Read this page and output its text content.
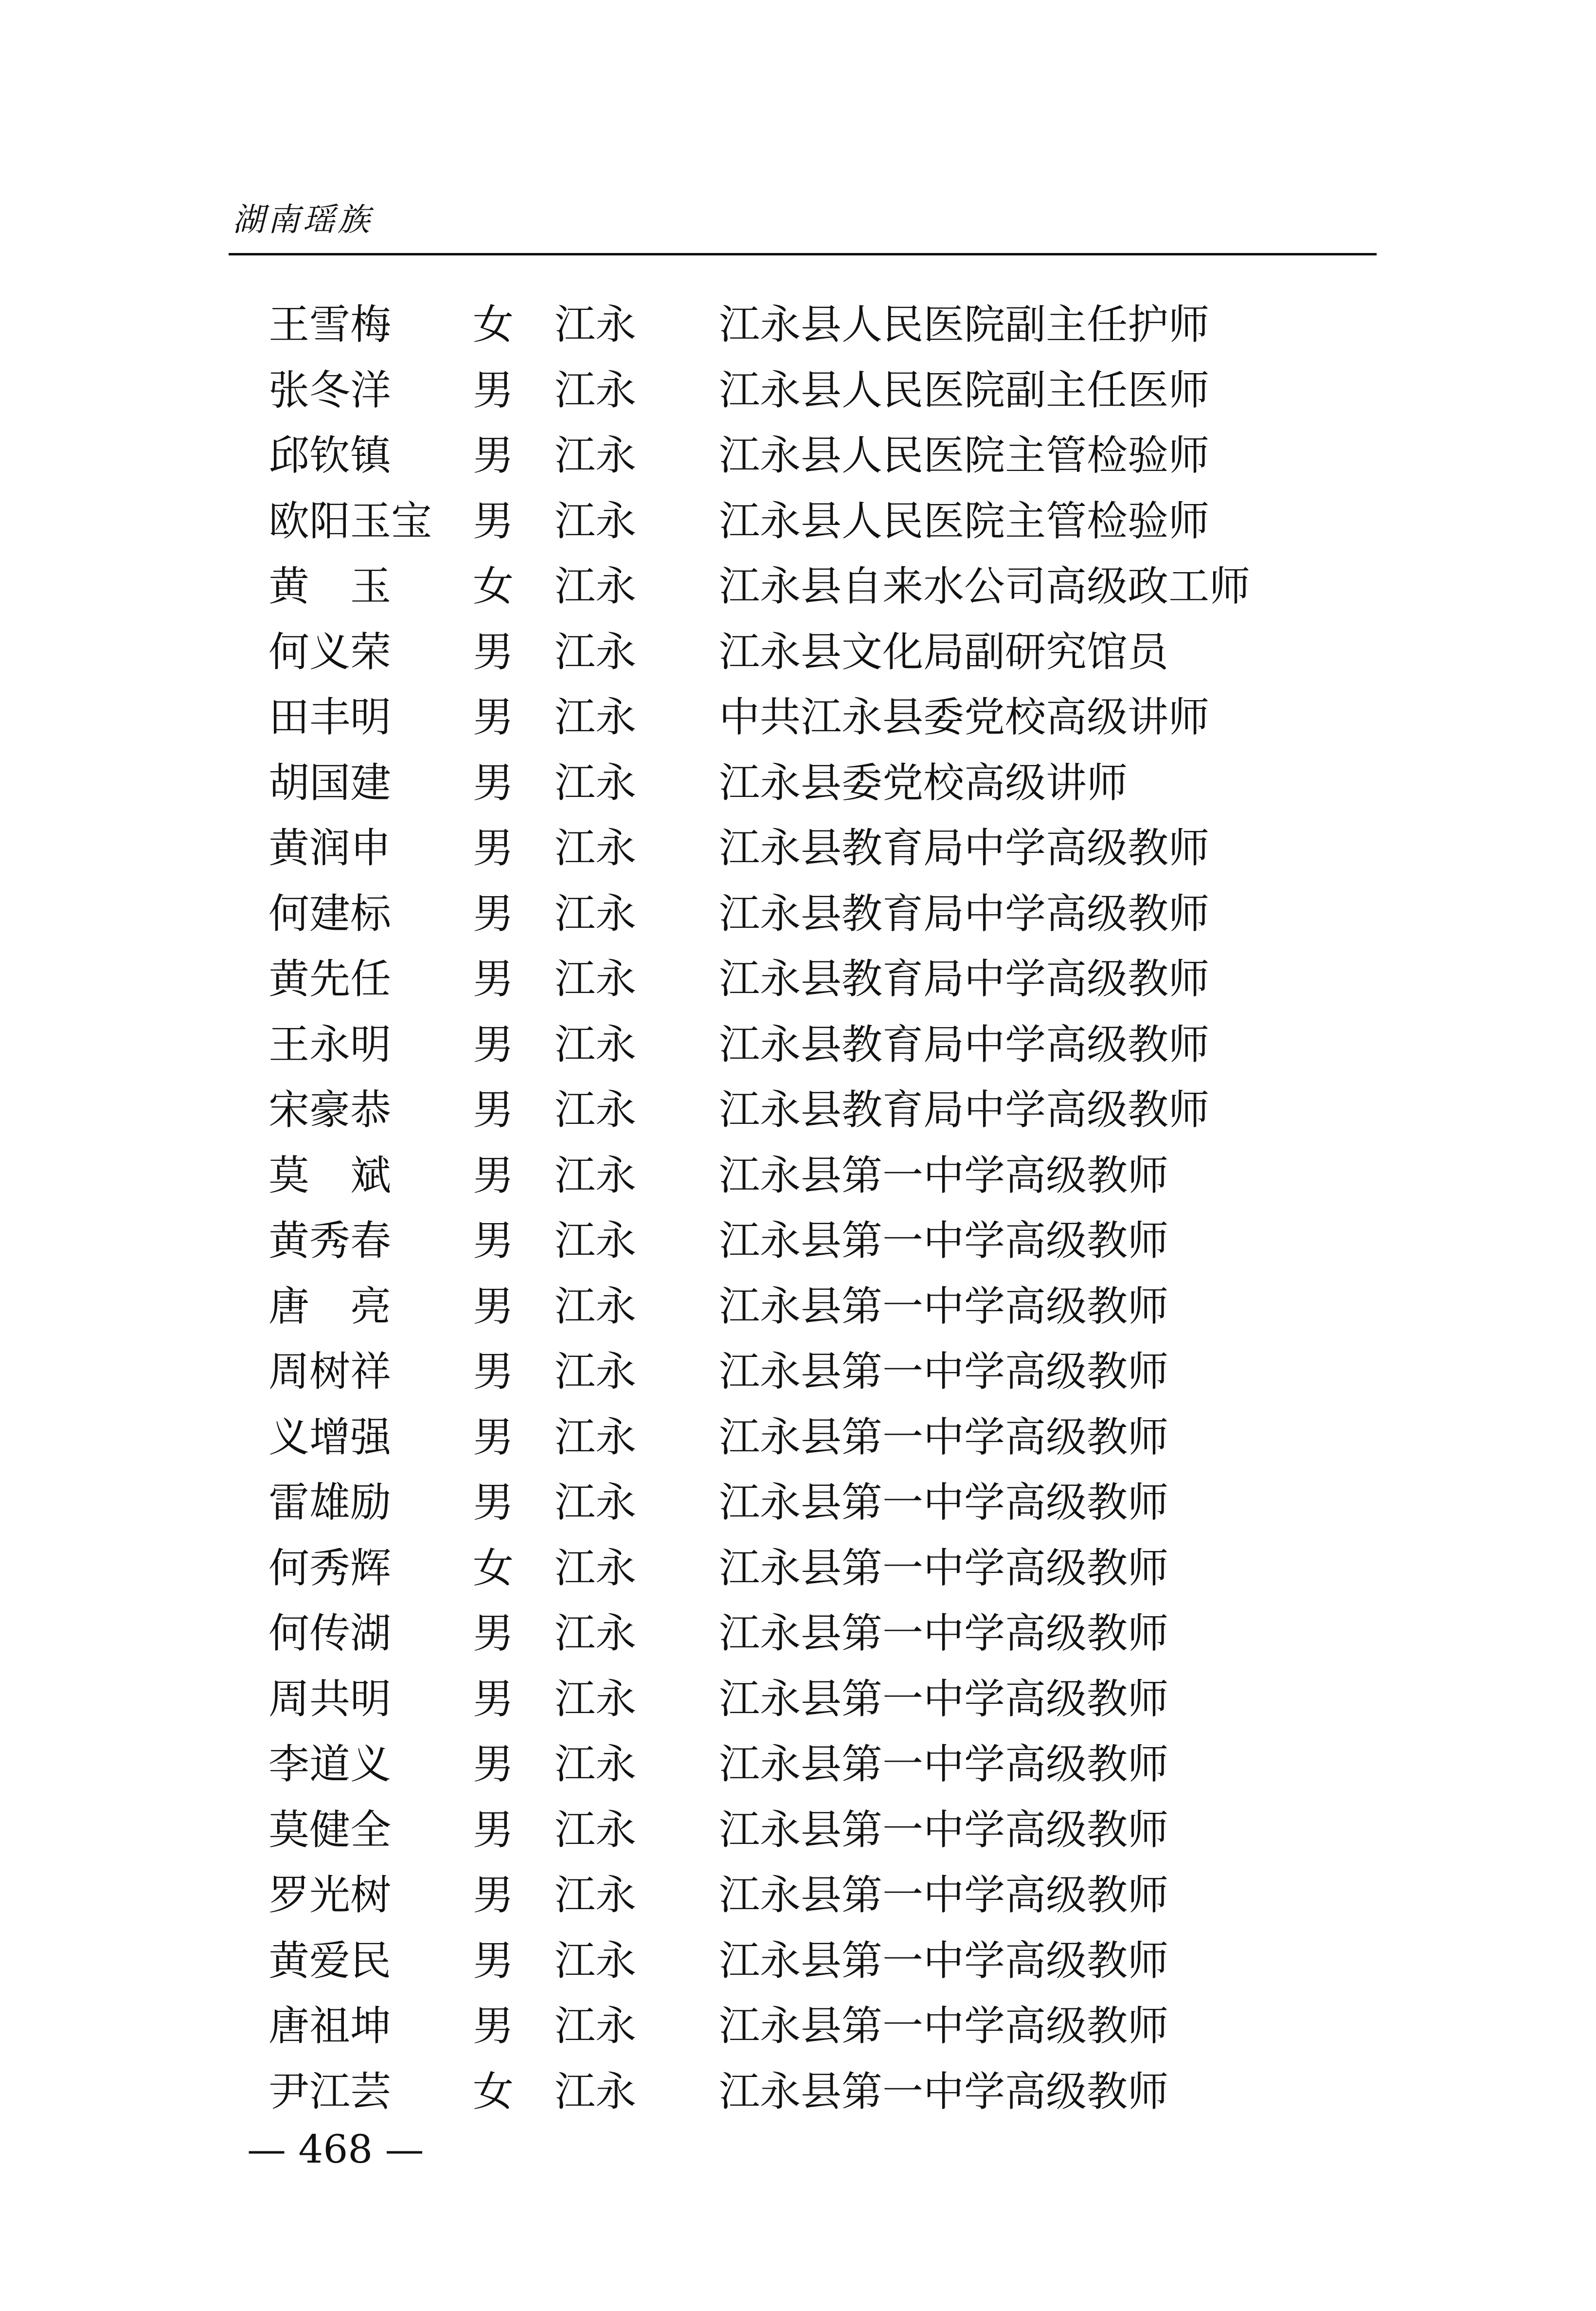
湖南瑶族
王雪梅 女 江永 江永县人民医院副主任护师
张冬洋 男 江永 江永县人民医院副主任医师
邱钦镇 男 江永 江永县人民医院主管检验师
欧阳玉宝 男 江永 江永县人民医院主管检验师
黄　玉 女 江永 江永县自来水公司高级政工师
何义荣 男 江永 江永县文化局副研究馆员
田丰明 男 江永 中共江永县委党校高级讲师
胡国建 男 江永 江永县委党校高级讲师
黄润申 男 江永 江永县教育局中学高级教师
何建标 男 江永 江永县教育局中学高级教师
黄先任 男 江永 江永县教育局中学高级教师
王永明 男 江永 江永县教育局中学高级教师
宋豪恭 男 江永 江永县教育局中学高级教师
莫　斌 男 江永 江永县第一中学高级教师
黄秀春 男 江永 江永县第一中学高级教师
唐　亮 男 江永 江永县第一中学高级教师
周树祥 男 江永 江永县第一中学高级教师
义增强 男 江永 江永县第一中学高级教师
雷雄励 男 江永 江永县第一中学高级教师
何秀辉 女 江永 江永县第一中学高级教师
何传湖 男 江永 江永县第一中学高级教师
周共明 男 江永 江永县第一中学高级教师
李道义 男 江永 江永县第一中学高级教师
莫健全 男 江永 江永县第一中学高级教师
罗光树 男 江永 江永县第一中学高级教师
黄爱民 男 江永 江永县第一中学高级教师
唐祖坤 男 江永 江永县第一中学高级教师
尹江芸 女 江永 江永县第一中学高级教师
— 468 —
